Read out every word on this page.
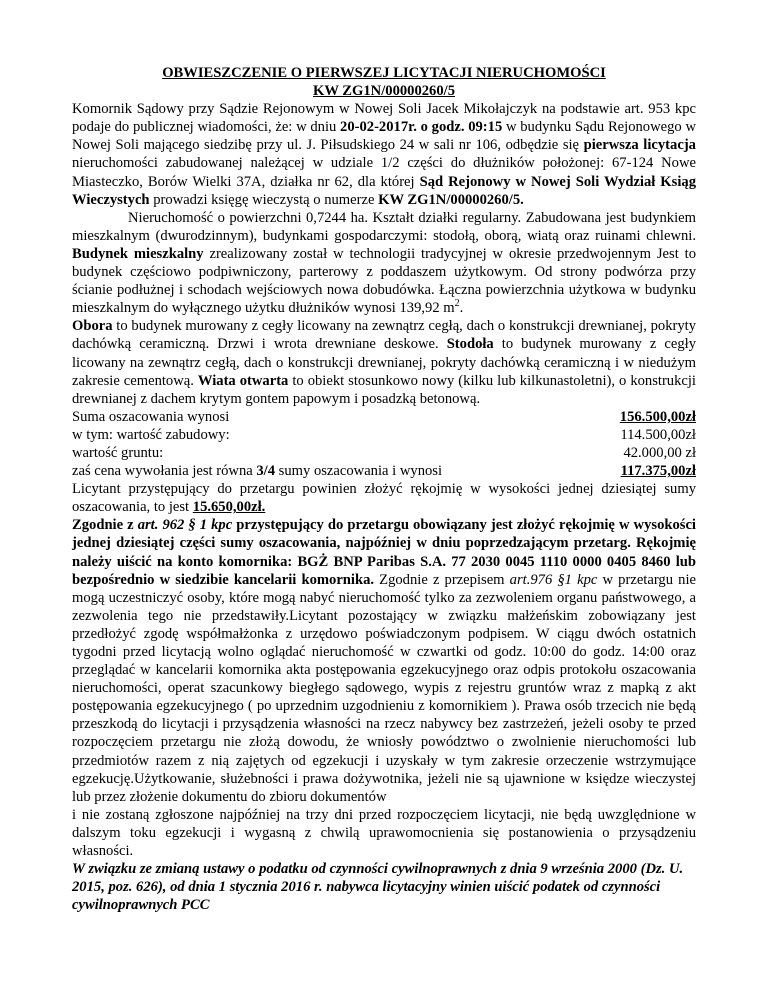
OBWIESZCZENIE O PIERWSZEJ LICYTACJI NIERUCHOMOŚCI
KW ZG1N/00000260/5

Komornik Sądowy przy Sądzie Rejonowym w Nowej Soli Jacek Mikołajczyk na podstawie art. 953 kpc podaje do publicznej wiadomości, że: w dniu 20-02-2017r. o godz. 09:15 w budynku Sądu Rejonowego w Nowej Soli mającego siedzibę przy ul. J. Piłsudskiego 24 w sali nr 106, odbędzie się pierwsza licytacja nieruchomości zabudowanej należącej w udziale 1/2 części do dłużników położonej: 67-124 Nowe Miasteczko, Borów Wielki 37A, działka nr 62, dla której Sąd Rejonowy w Nowej Soli Wydział Ksiąg Wieczystych prowadzi księgę wieczystą o numerze KW ZG1N/00000260/5.

Nieruchomość o powierzchni 0,7244 ha. Kształt działki regularny. Zabudowana jest budynkiem mieszkalnym (dwurodzinnym), budynkami gospodarczymi: stodołą, oborą, wiatą oraz ruinami chlewni. Budynek mieszkalny zrealizowany został w technologii tradycyjnej w okresie przedwojennym Jest to budynek częściowo podpiwniczony, parterowy z poddaszem użytkowym. Od strony podwórza przy ścianie podłużnej i schodach wejściowych nowa dobudówka. Łączna powierzchnia użytkowa w budynku mieszkalnym do wyłącznego użytku dłużników wynosi 139,92 $m^2$.

Obora to budynek murowany z cegły licowany na zewnątrz cegłą, dach o konstrukcji drewnianej, pokryty dachówką ceramiczną. Drzwi i wrota drewniane deskowe. Stodoła to budynek murowany z cegły licowany na zewnątrz cegłą, dach o konstrukcji drewnianej, pokryty dachówką ceramiczną i w niedużym zakresie cementową. Wiata otwarta to obiekt stosunkowo nowy (kilku lub kilkunastoletni), o konstrukcji drewnianej z dachem krytym gontem papowym i posadzką betonową.

Suma oszacowania wynosi	156.500,00zł
w tym: wartość zabudowy:	114.500,00zł
wartość gruntu:	42.000,00 zł
zaś cena wywołania jest równa 3/4 sumy oszacowania i wynosi	117.375,00zł

Licytant przystępujący do przetargu powinien złożyć rękojmię w wysokości jednej dziesiątej sumy oszacowania, to jest 15.650,00zł.

Zgodnie z art. 962 § 1 kpc przystępujący do przetargu obowiązany jest złożyć rękojmię w wysokości jednej dziesiątej części sumy oszacowania, najpóźniej w dniu poprzedzającym przetarg. Rękojmię należy uiścić na konto komornika: BGŻ BNP Paribas S.A. 77 2030 0045 1110 0000 0405 8460 lub bezpośrednio w siedzibie kancelarii komornika. Zgodnie z przepisem art.976 §1 kpc w przetargu nie mogą uczestniczyć osoby, które mogą nabyć nieruchomość tylko za zezwoleniem organu państwowego, a zezwolenia tego nie przedstawiły.Licytant pozostający w związku małżeńskim zobowiązany jest przedłożyć zgodę współmałżonka z urzędowo poświadczonym podpisem. W ciągu dwóch ostatnich tygodni przed licytacją wolno oglądać nieruchomość w czwartki od godz. 10:00 do godz. 14:00 oraz przeglądać w kancelarii komornika akta postępowania egzekucyjnego oraz odpis protokołu oszacowania nieruchomości, operat szacunkowy biegłego sądowego, wypis z rejestru gruntów wraz z mapką z akt postępowania egzekucyjnego ( po uprzednim uzgodnieniu z komornikiem ). Prawa osób trzecich nie będą przeszkodą do licytacji i przysądzenia własności na rzecz nabywcy bez zastrzeżeń, jeżeli osoby te przed rozpoczęciem przetargu nie złożą dowodu, że wniosły powództwo o zwolnienie nieruchomości lub przedmiotów razem z nią zajętych od egzekucji i uzyskały w tym zakresie orzeczenie wstrzymujące egzekucję.Użytkowanie, służebności i prawa dożywotnika, jeżeli nie są ujawnione w księdze wieczystej lub przez złożenie dokumentu do zbioru dokumentów
i nie zostaną zgłoszone najpóźniej na trzy dni przed rozpoczęciem licytacji, nie będą uwzględnione w dalszym toku egzekucji i wygasną z chwilą uprawomocnienia się postanowienia o przysądzeniu własności.

W związku ze zmianą ustawy o podatku od czynności cywilnoprawnych z dnia 9 września 2000 (Dz. U. 2015, poz. 626), od dnia 1 stycznia 2016 r. nabywca licytacyjny winien uiścić podatek od czynności cywilnoprawnych PCC
